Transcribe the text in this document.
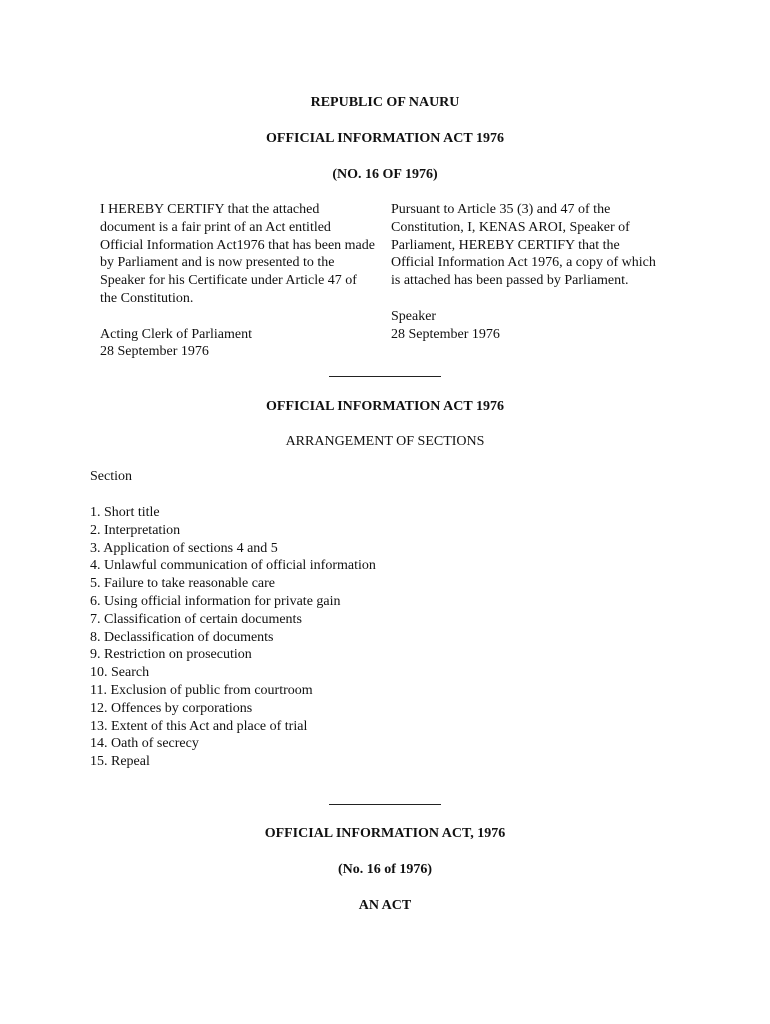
REPUBLIC OF NAURU
OFFICIAL INFORMATION ACT 1976
(NO. 16 OF 1976)

I HEREBY CERTIFY that the attached document is a fair print of an Act entitled Official Information Act1976 that has been made by Parliament and is now presented to the Speaker for his Certificate under Article 47 of the Constitution.

Acting Clerk of Parliament

28 September 1976

Pursuant to Article 35 (3) and 47 of the Constitution, I, KENAS AROI, Speaker of Parliament, HEREBY CERTIFY that the Official Information Act 1976, a copy of which is attached has been passed by Parliament.

Speaker

28 September 1976

OFFICIAL INFORMATION ACT 1976
ARRANGEMENT OF SECTIONS
Section
1. Short title
2. Interpretation
3. Application of sections 4 and 5
4. Unlawful communication of official information
5. Failure to take reasonable care
6. Using official information for private gain
7. Classification of certain documents
8. Declassification of documents
9. Restriction on prosecution
10. Search
11. Exclusion of public from courtroom
12. Offences by corporations
13. Extent of this Act and place of trial
14. Oath of secrecy
15. Repeal
OFFICIAL INFORMATION ACT, 1976
(No. 16 of 1976)
AN ACT
